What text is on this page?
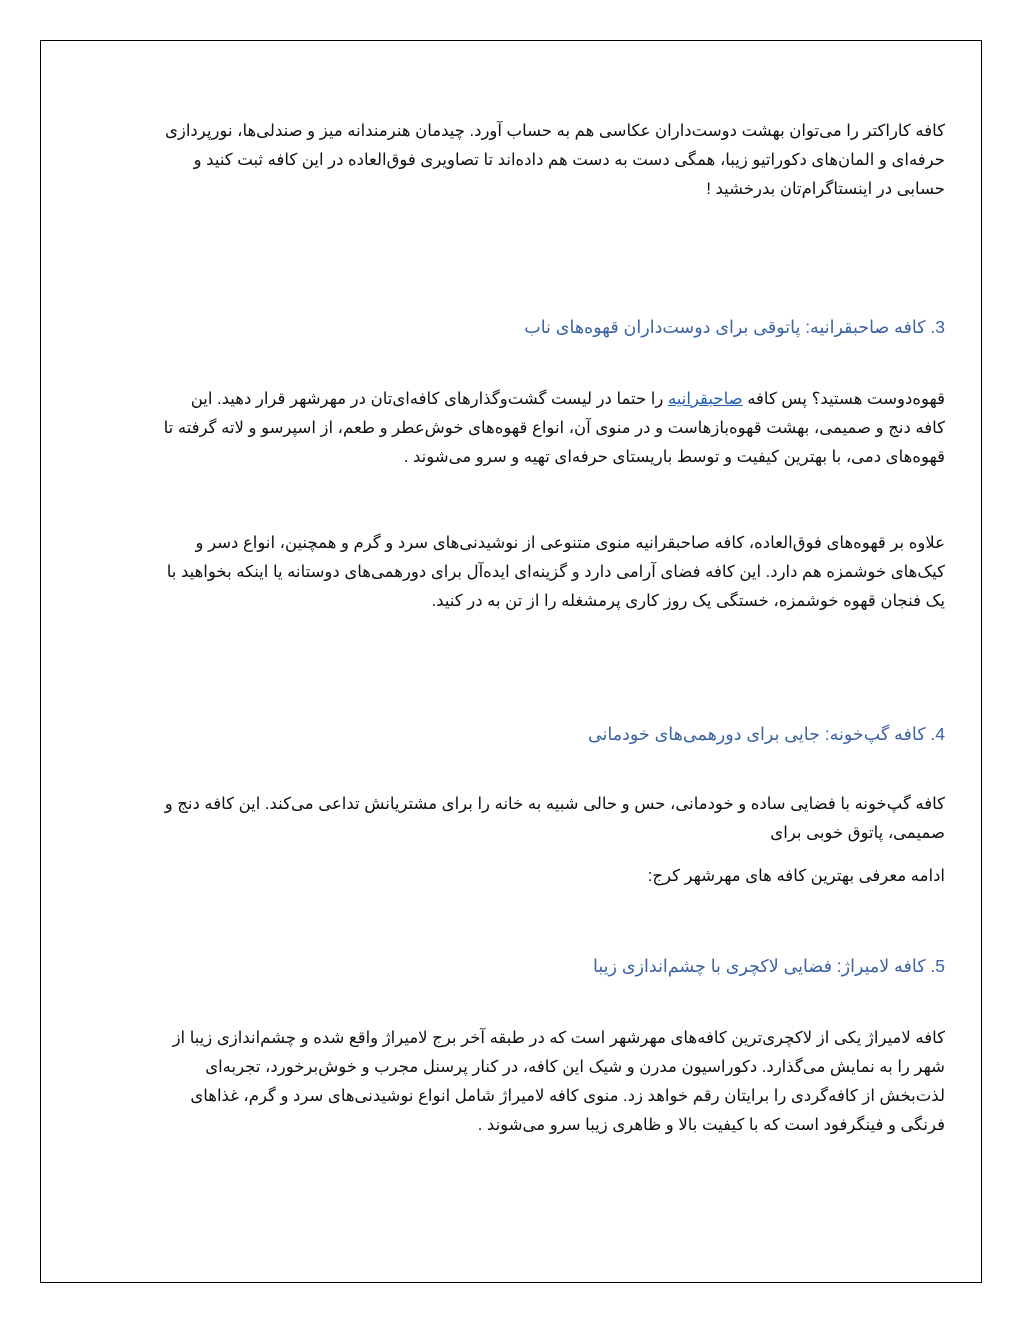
کافه کاراکتر را می‌توان بهشت دوست‌داران عکاسی هم به حساب آورد. چیدمان هنرمندانه میز و صندلی‌ها، نورپردازی حرفه‌ای و المان‌های دکوراتیو زیبا، همگی دست به دست هم داده‌اند تا تصاویری فوق‌العاده در این کافه ثبت کنید و حسابی در اینستاگرام‌تان بدرخشید !

3. کافه صاحبقرانیه: پاتوقی برای دوست‌داران قهوه‌های ناب

قهوه‌دوست هستید؟ پس کافه صاحبقرانیه را حتما در لیست گشت‌وگذارهای کافه‌ای‌تان در مهرشهر قرار دهید. این کافه دنج و صمیمی، بهشت قهوه‌بازهاست و در منوی آن، انواع قهوه‌های خوش‌عطر و طعم، از اسپرسو و لاته گرفته تا قهوه‌های دمی، با بهترین کیفیت و توسط باریستای حرفه‌ای تهیه و سرو می‌شوند .

علاوه بر قهوه‌های فوق‌العاده، کافه صاحبقرانیه منوی متنوعی از نوشیدنی‌های سرد و گرم و همچنین، انواع دسر و کیک‌های خوشمزه هم دارد. این کافه فضای آرامی دارد و گزینه‌ای ایده‌آل برای دورهمی‌های دوستانه یا اینکه بخواهید با یک فنجان قهوه خوشمزه، خستگی یک روز کاری پرمشغله را از تن به در کنید.

4. کافه گپ‌خونه: جایی برای دورهمی‌های خودمانی

کافه گپ‌خونه با فضایی ساده و خودمانی، حس و حالی شبیه به خانه را برای مشتریانش تداعی می‌کند. این کافه دنج و صمیمی، پاتوق خوبی برای

ادامه معرفی بهترین کافه های مهرشهر کرج:

5. کافه لامیراژ: فضایی لاکچری با چشم‌اندازی زیبا

کافه لامیراژ یکی از لاکچری‌ترین کافه‌های مهرشهر است که در طبقه آخر برج لامیراژ واقع شده و چشم‌اندازی زیبا از شهر را به نمایش می‌گذارد. دکوراسیون مدرن و شیک این کافه، در کنار پرسنل مجرب و خوش‌برخورد، تجربه‌ای لذت‌بخش از کافه‌گردی را برایتان رقم خواهد زد. منوی کافه لامیراژ شامل انواع نوشیدنی‌های سرد و گرم، غذاهای فرنگی و فینگرفود است که با کیفیت بالا و ظاهری زیبا سرو می‌شوند .
